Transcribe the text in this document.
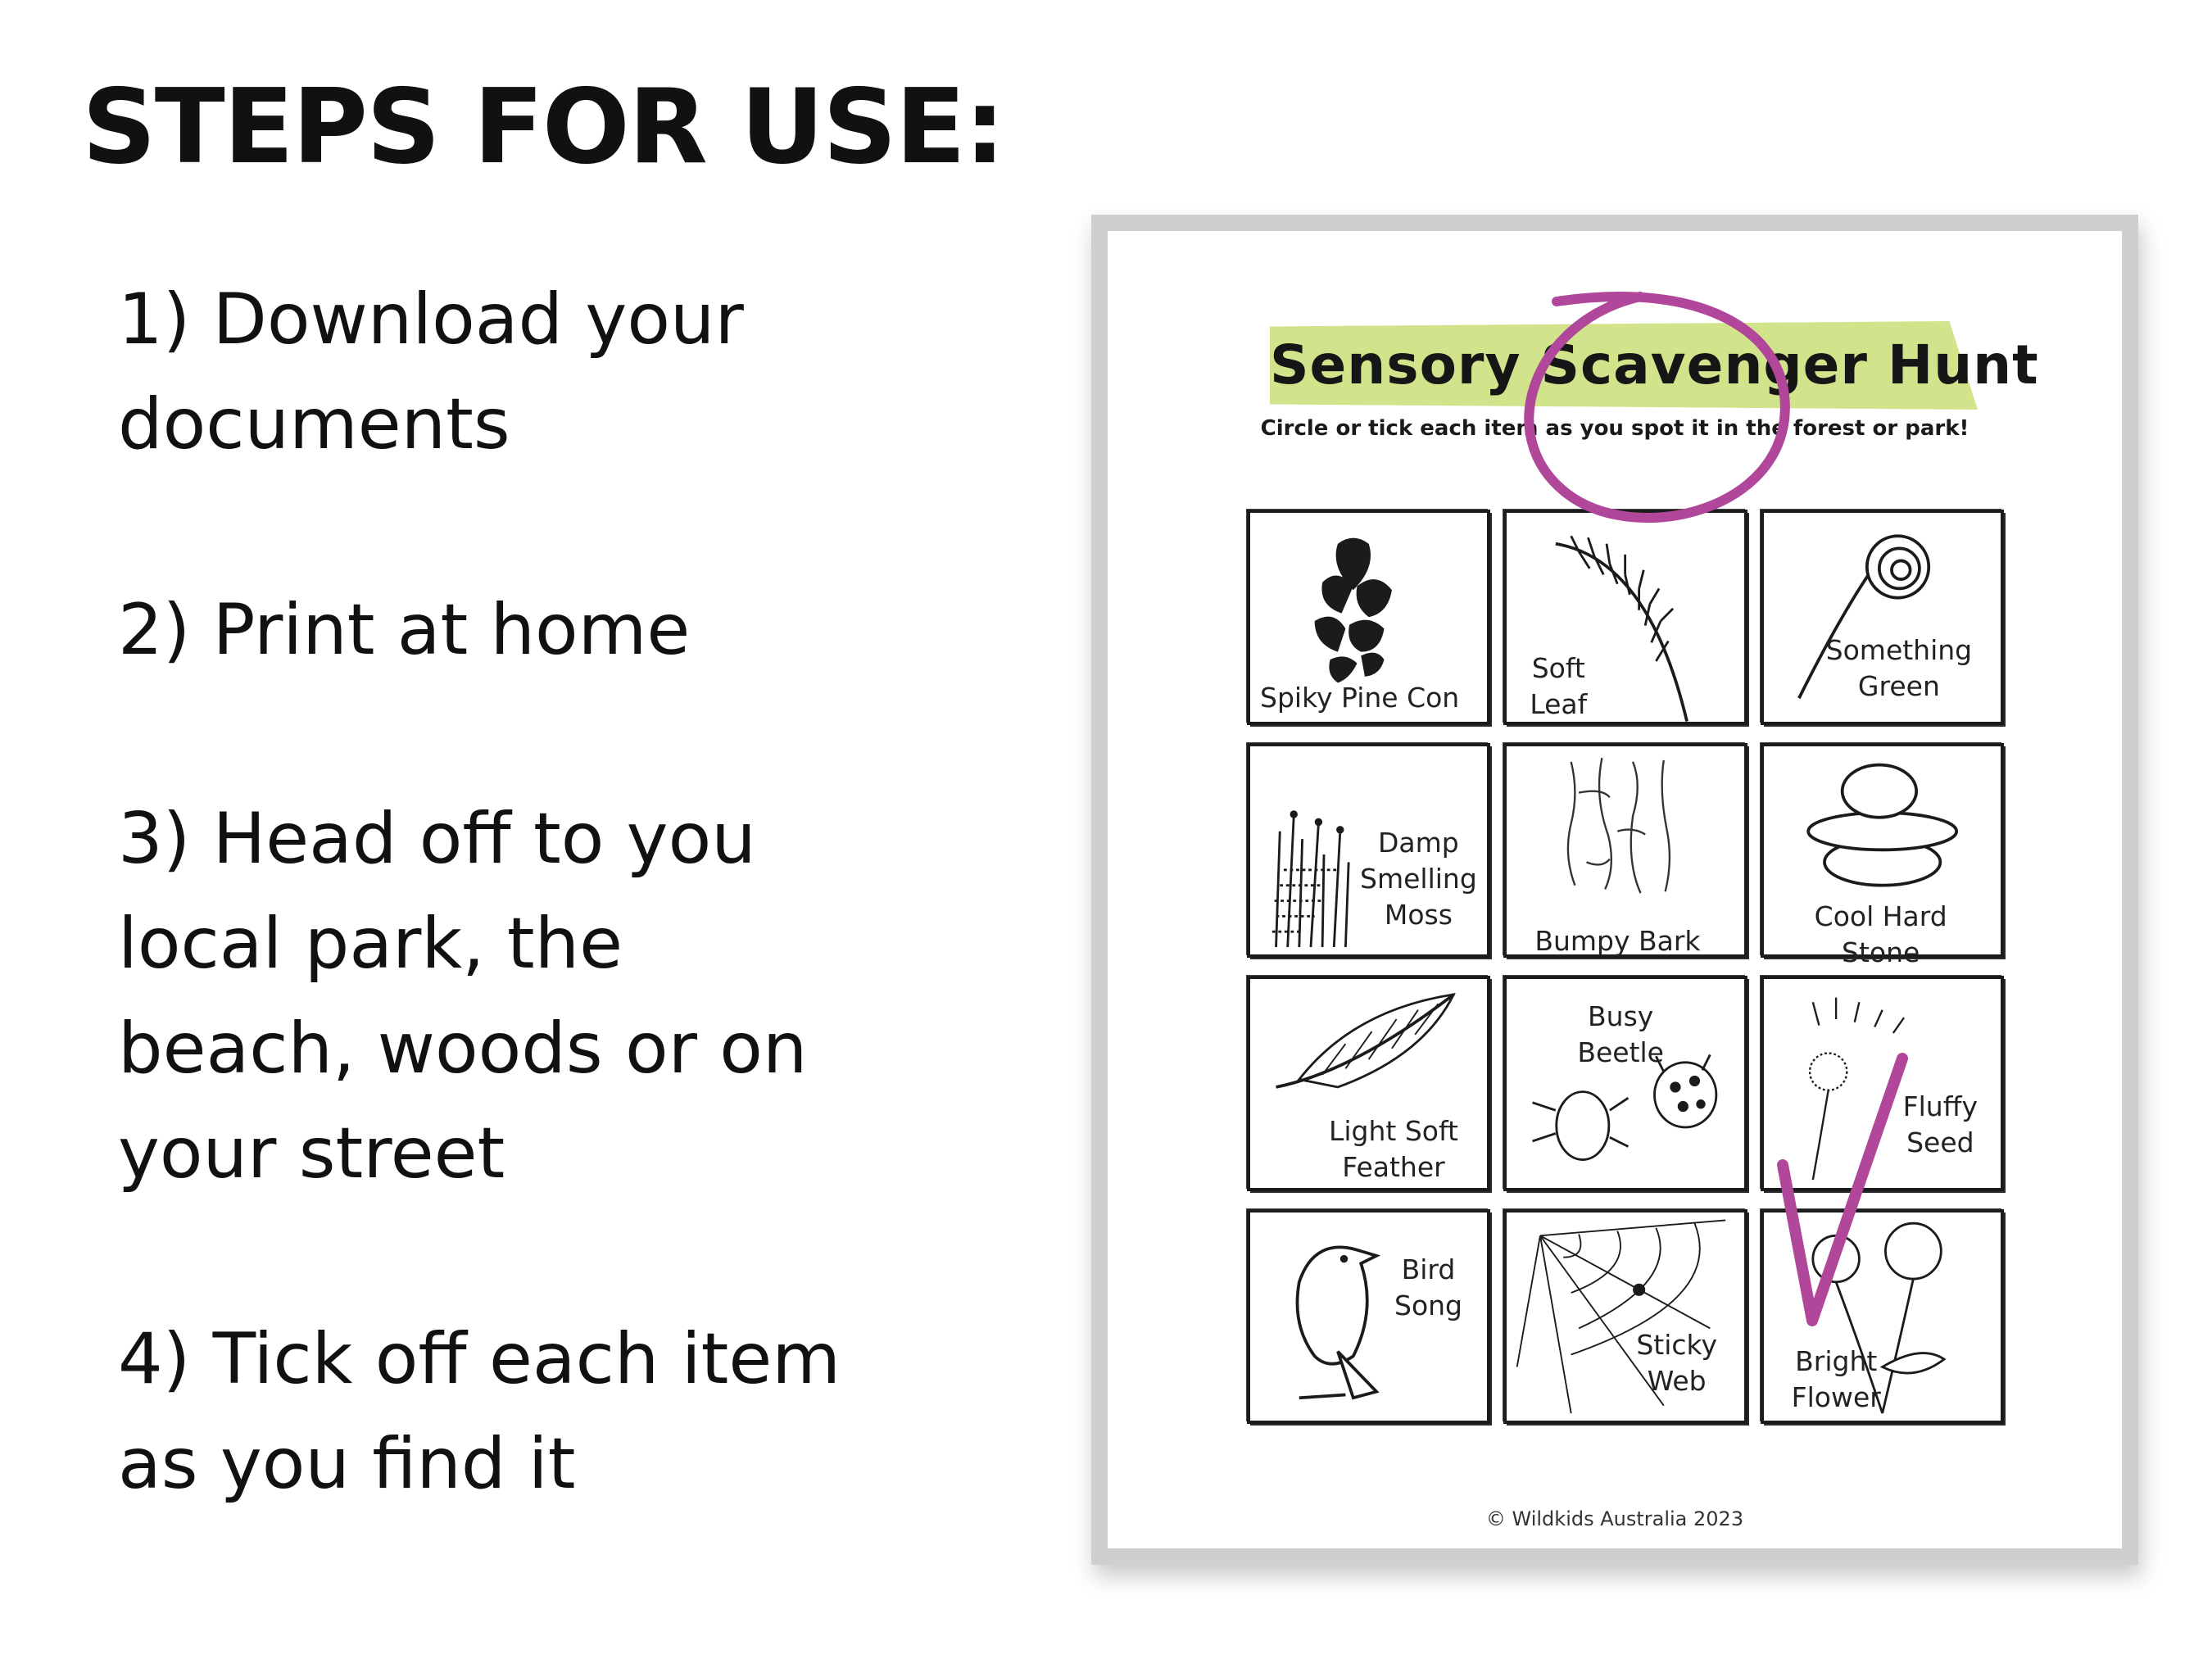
STEPS FOR USE:

1) Download your
documents

2) Print at home

3) Head off to you
local park, the
beach, woods or on
your street

4) Tick off each item
as you find it

Sensory Scavenger Hunt

Circle or tick each item as you spot it in the forest or park!

Spiky Pine Con
Soft
Leaf
Something
Green
Damp
Smelling
Moss
Bumpy Bark
Cool Hard
Stone
Light Soft
Feather
Busy
Beetle
Fluffy
Seed
Bird
Song
Sticky
Web
Bright
Flower

© Wildkids Australia 2023
